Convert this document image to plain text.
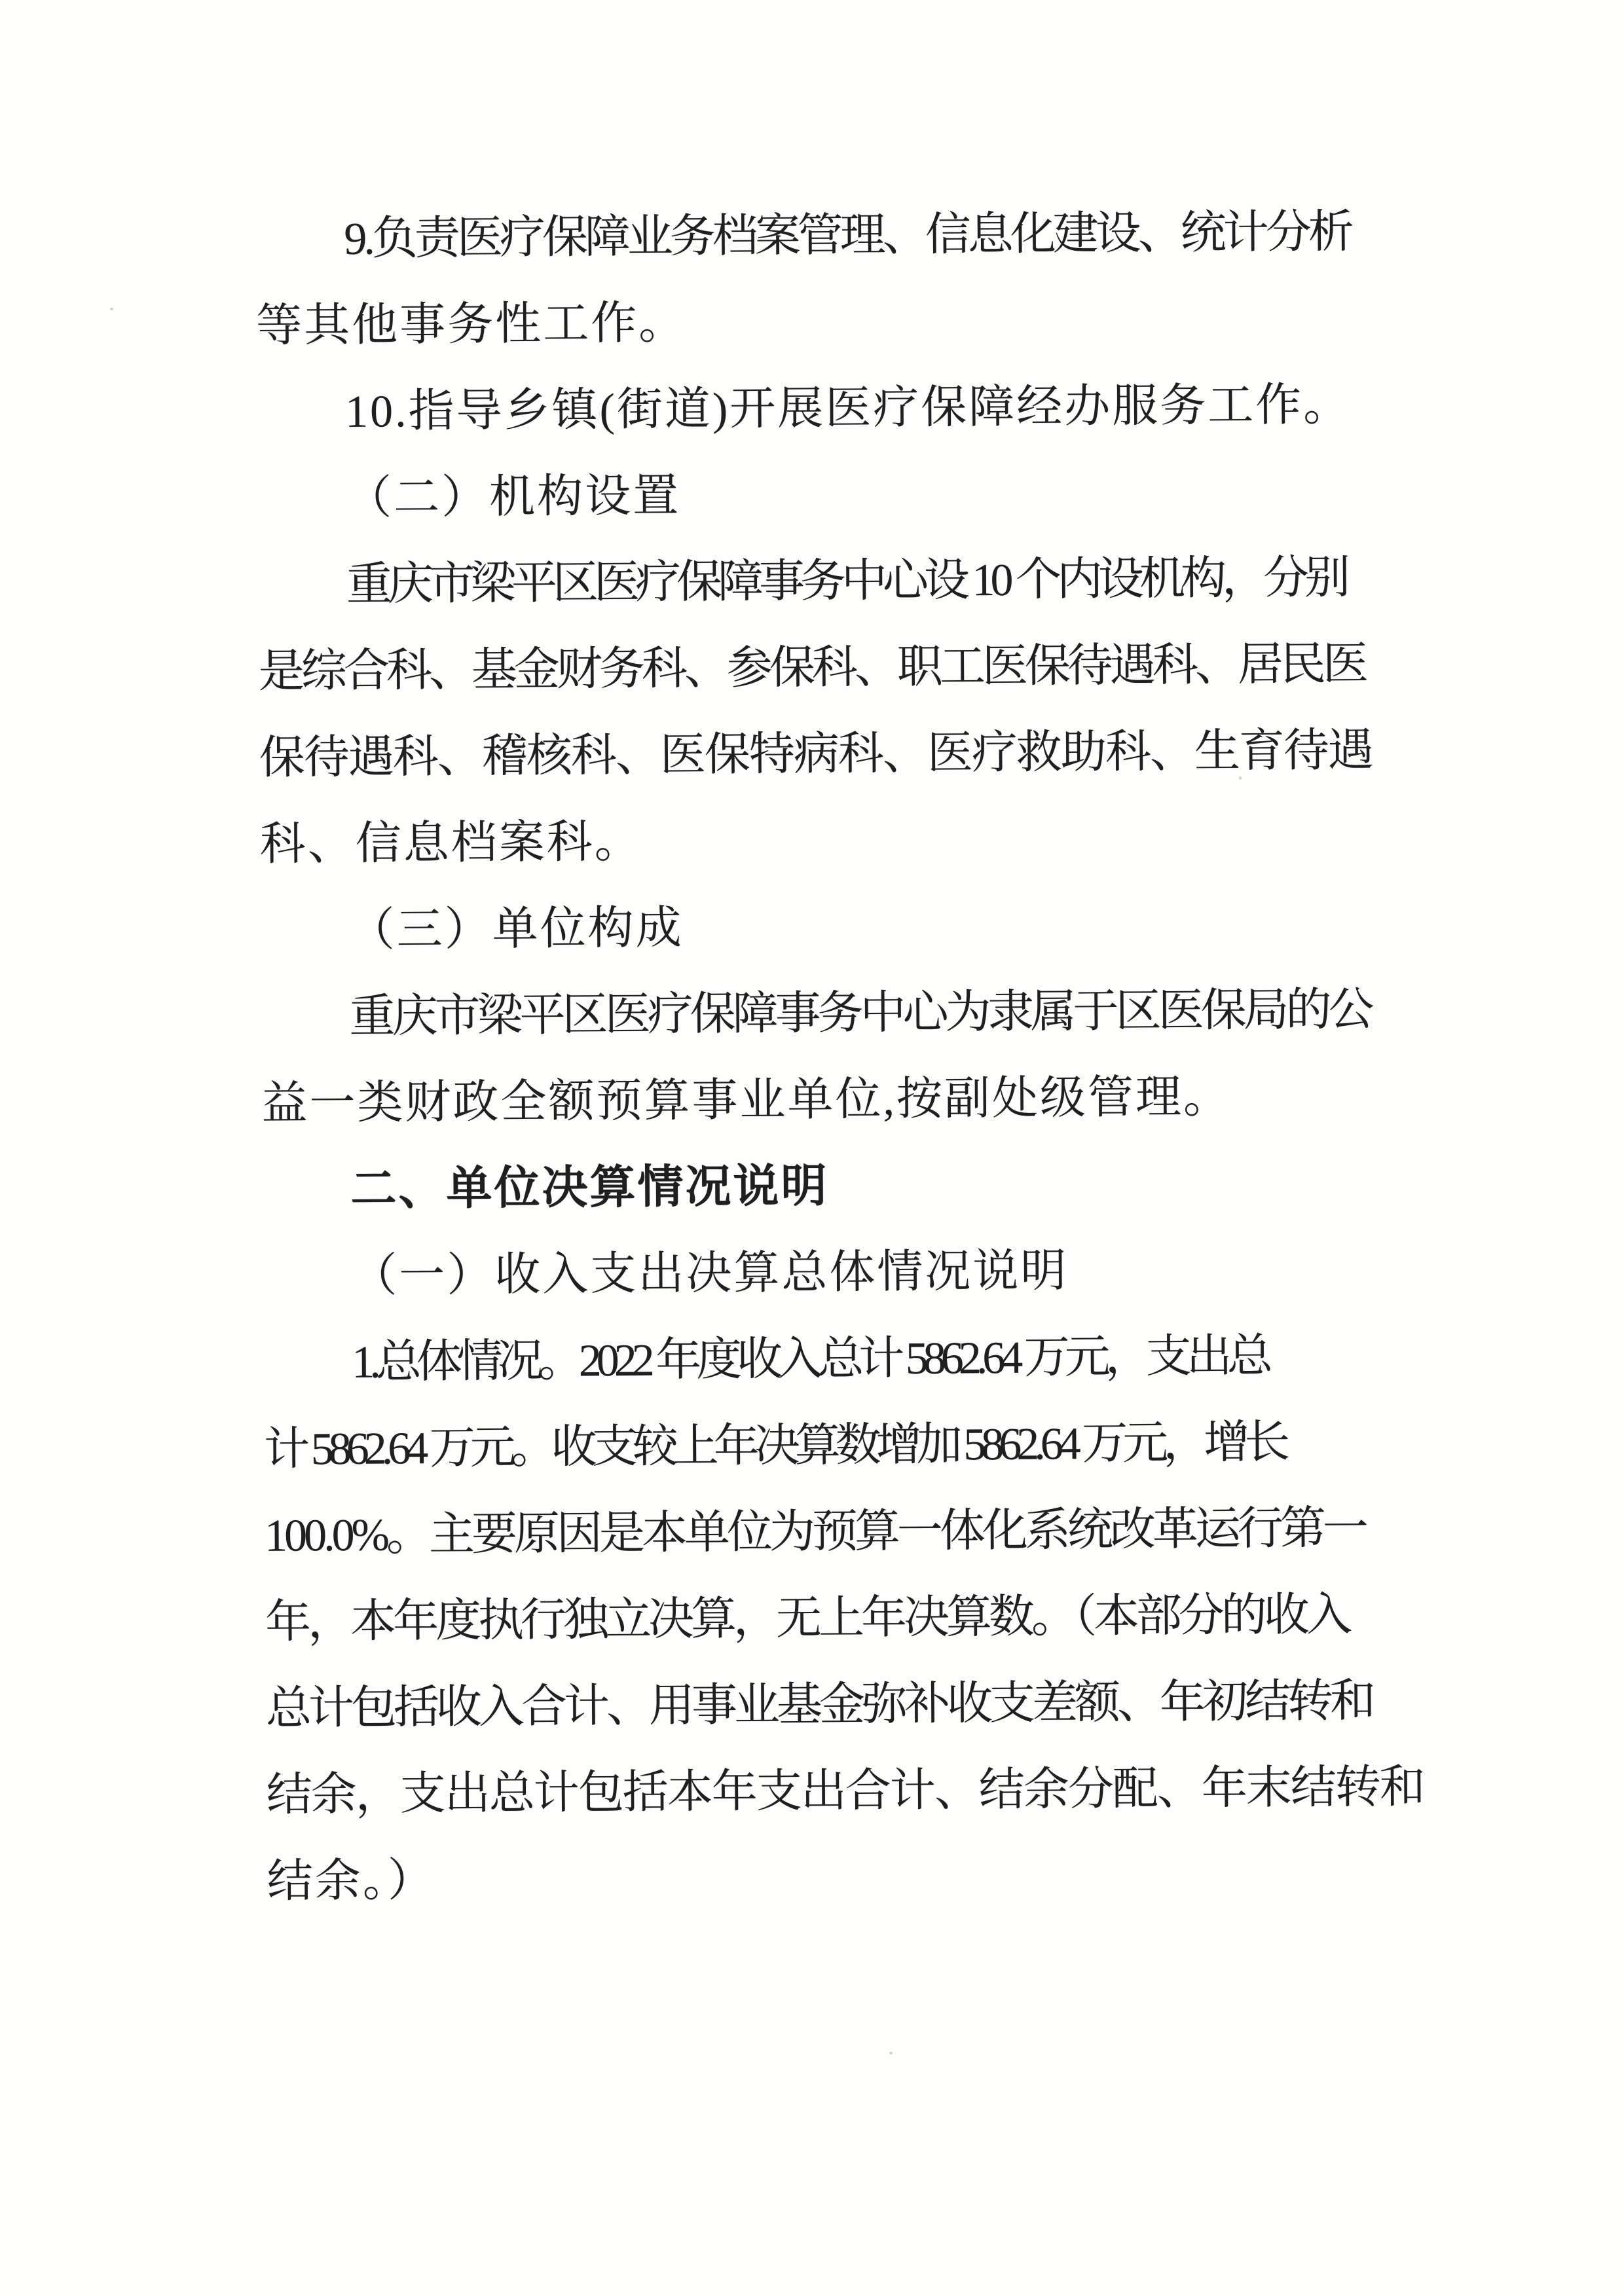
9.负责医疗保障业务档案管理、信息化建设、统计分析
等其他事务性工作。
10.指导乡镇(街道)开展医疗保障经办服务工作。
（二）机构设置
重庆市梁平区医疗保障事务中心设 10 个内设机构，分别
是综合科、基金财务科、参保科、职工医保待遇科、居民医
保待遇科、稽核科、医保特病科、医疗救助科、生育待遇
科、信息档案科。
（三）单位构成
重庆市梁平区医疗保障事务中心为隶属于区医保局的公
益一类财政全额预算事业单位,按副处级管理。
二、单位决算情况说明
（一）收入支出决算总体情况说明
1.总体情况。2022 年度收入总计 5862.64 万元，支出总
计 5862.64 万元。收支较上年决算数增加 5862.64 万元，增长
100.0%。主要原因是本单位为预算一体化系统改革运行第一
年，本年度执行独立决算，无上年决算数。（本部分的收入
总计包括收入合计、用事业基金弥补收支差额、年初结转和
结余，支出总计包括本年支出合计、结余分配、年末结转和
结余。）
